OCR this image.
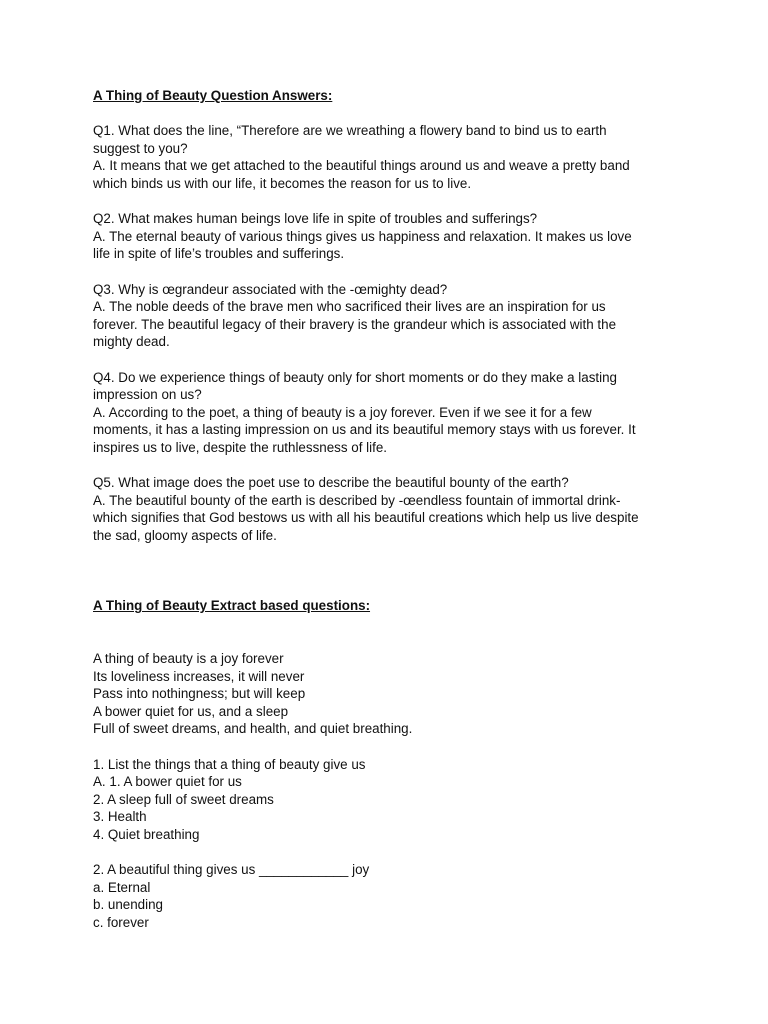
A Thing of Beauty Question Answers:
Q1. What does the line, “Therefore are we wreathing a flowery band to bind us to earth
suggest to you?
A. It means that we get attached to the beautiful things around us and weave a pretty band
which binds us with our life, it becomes the reason for us to live.
Q2. What makes human beings love life in spite of troubles and sufferings?
A. The eternal beauty of various things gives us happiness and relaxation. It makes us love
life in spite of life’s troubles and sufferings.
Q3. Why is œgrandeur associated with the -œmighty dead?
A. The noble deeds of the brave men who sacrificed their lives are an inspiration for us
forever. The beautiful legacy of their bravery is the grandeur which is associated with the
mighty dead.
Q4. Do we experience things of beauty only for short moments or do they make a lasting
impression on us?
A. According to the poet, a thing of beauty is a joy forever. Even if we see it for a few
moments, it has a lasting impression on us and its beautiful memory stays with us forever. It
inspires us to live, despite the ruthlessness of life.
Q5. What image does the poet use to describe the beautiful bounty of the earth?
A. The beautiful bounty of the earth is described by -œendless fountain of immortal drink-
which signifies that God bestows us with all his beautiful creations which help us live despite
the sad, gloomy aspects of life.
A Thing of Beauty Extract based questions:
A thing of beauty is a joy forever
Its loveliness increases, it will never
Pass into nothingness; but will keep
A bower quiet for us, and a sleep
Full of sweet dreams, and health, and quiet breathing.
1. List the things that a thing of beauty give us
A. 1. A bower quiet for us
2. A sleep full of sweet dreams
3. Health
4. Quiet breathing
2. A beautiful thing gives us ____________ joy
a. Eternal
b. unending
c. forever
